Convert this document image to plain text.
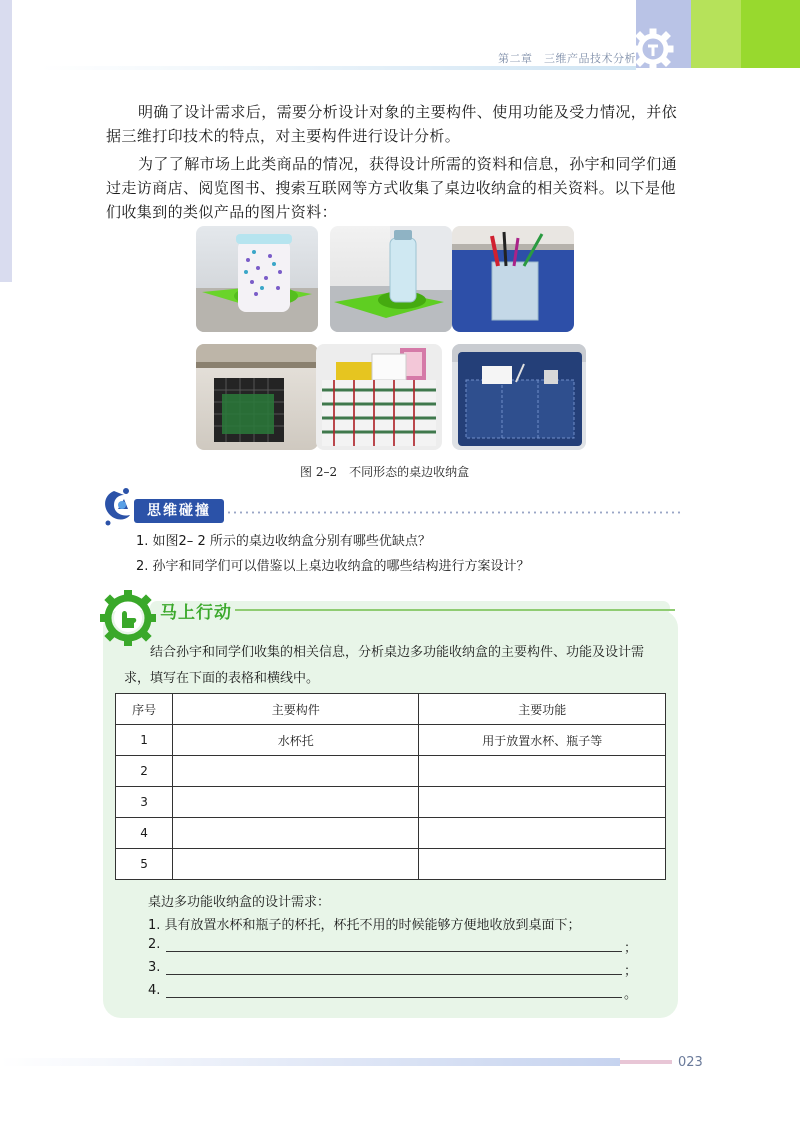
第二章　三维产品技术分析

明确了设计需求后，需要分析设计对象的主要构件、使用功能及受力情况，并依据三维打印技术的特点，对主要构件进行设计分析。

为了了解市场上此类商品的情况，获得设计所需的资料和信息，孙宇和同学们通过走访商店、阅览图书、搜索互联网等方式收集了桌边收纳盒的相关资料。以下是他们收集到的类似产品的图片资料：

图 2–2　不同形态的桌边收纳盒
思维碰撞
1. 如图2– 2 所示的桌边收纳盒分别有哪些优缺点？
2. 孙宇和同学们可以借鉴以上桌边收纳盒的哪些结构进行方案设计？
马上行动

结合孙宇和同学们收集的相关信息，分析桌边多功能收纳盒的主要构件、功能及设计需求，填写在下面的表格和横线中。

序号	主要构件	主要功能
1	水杯托	用于放置水杯、瓶子等
2		
3		
4		
5		
桌边多功能收纳盒的设计需求：
1. 具有放置水杯和瓶子的杯托，杯托不用的时候能够方便地收放到桌面下；
2.	；
3.	；
4.	。
023
